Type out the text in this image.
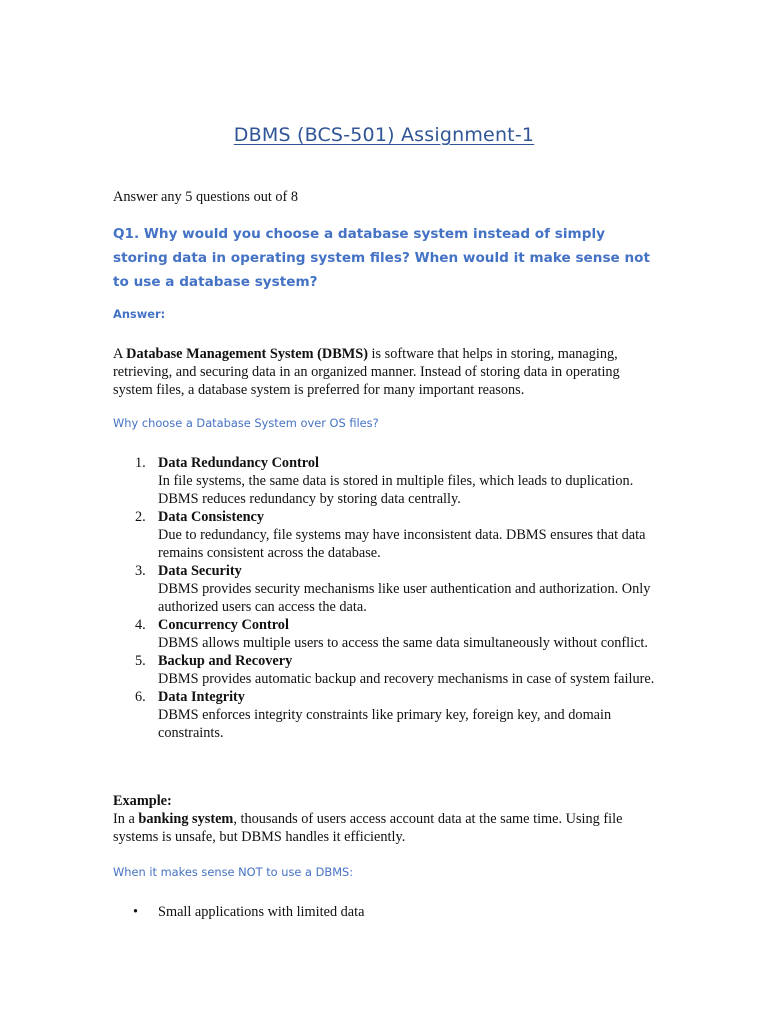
DBMS (BCS-501) Assignment-1
Answer any 5 questions out of 8
Q1. Why would you choose a database system instead of simply storing data in operating system files? When would it make sense not to use a database system?
Answer:
A Database Management System (DBMS) is software that helps in storing, managing, retrieving, and securing data in an organized manner. Instead of storing data in operating system files, a database system is preferred for many important reasons.
Why choose a Database System over OS files?
1. Data Redundancy Control
In file systems, the same data is stored in multiple files, which leads to duplication. DBMS reduces redundancy by storing data centrally.
2. Data Consistency
Due to redundancy, file systems may have inconsistent data. DBMS ensures that data remains consistent across the database.
3. Data Security
DBMS provides security mechanisms like user authentication and authorization. Only authorized users can access the data.
4. Concurrency Control
DBMS allows multiple users to access the same data simultaneously without conflict.
5. Backup and Recovery
DBMS provides automatic backup and recovery mechanisms in case of system failure.
6. Data Integrity
DBMS enforces integrity constraints like primary key, foreign key, and domain constraints.
Example:
In a banking system, thousands of users access account data at the same time. Using file systems is unsafe, but DBMS handles it efficiently.
When it makes sense NOT to use a DBMS:
• Small applications with limited data
